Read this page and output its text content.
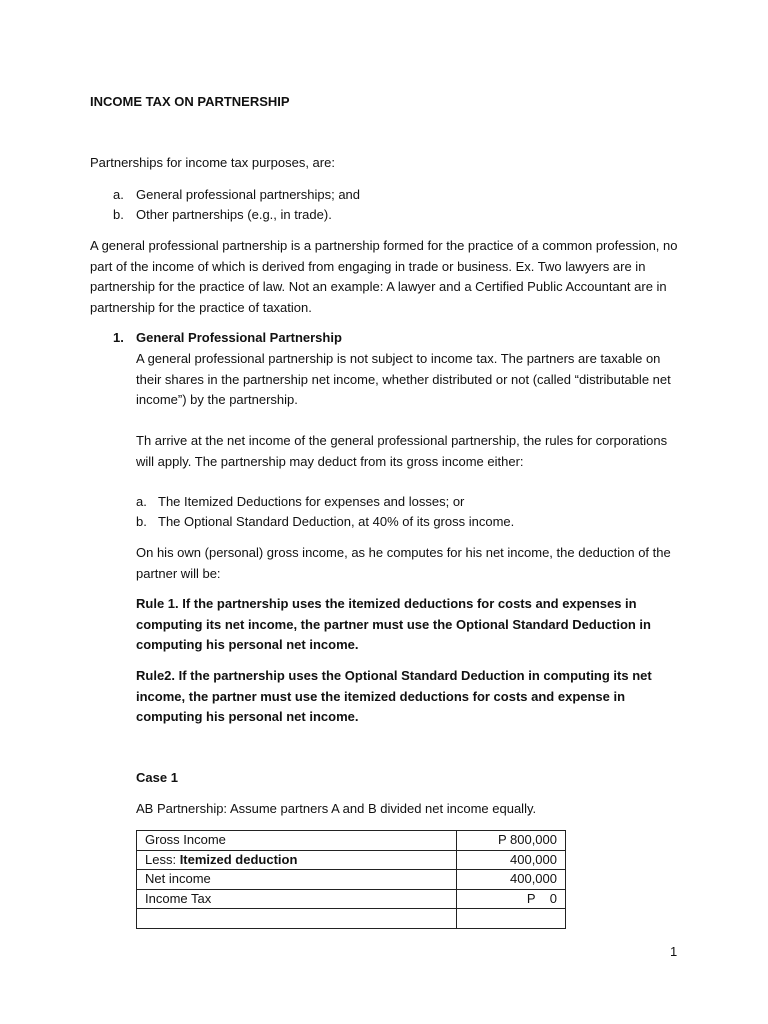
INCOME TAX ON PARTNERSHIP
Partnerships for income tax purposes, are:
a. General professional partnerships; and
b. Other partnerships (e.g., in trade).
A general professional partnership is a partnership formed for the practice of a common profession, no part of the income of which is derived from engaging in trade or business. Ex. Two lawyers are in partnership for the practice of law. Not an example: A lawyer and a Certified Public Accountant are in partnership for the practice of taxation.
1. General Professional Partnership
A general professional partnership is not subject to income tax. The partners are taxable on their shares in the partnership net income, whether distributed or not (called “distributable net income”) by the partnership.
Th arrive at the net income of the general professional partnership, the rules for corporations will apply. The partnership may deduct from its gross income either:
a. The Itemized Deductions for expenses and losses; or
b. The Optional Standard Deduction, at 40% of its gross income.
On his own (personal) gross income, as he computes for his net income, the deduction of the partner will be:
Rule 1. If the partnership uses the itemized deductions for costs and expenses in computing its net income, the partner must use the Optional Standard Deduction in computing his personal net income.
Rule2. If the partnership uses the Optional Standard Deduction in computing its net income, the partner must use the itemized deductions for costs and expense in computing his personal net income.
Case 1
AB Partnership: Assume partners A and B divided net income equally.
Gross Income	P 800,000
Less: Itemized deduction	400,000
Net income	400,000
Income Tax	P    0

1
